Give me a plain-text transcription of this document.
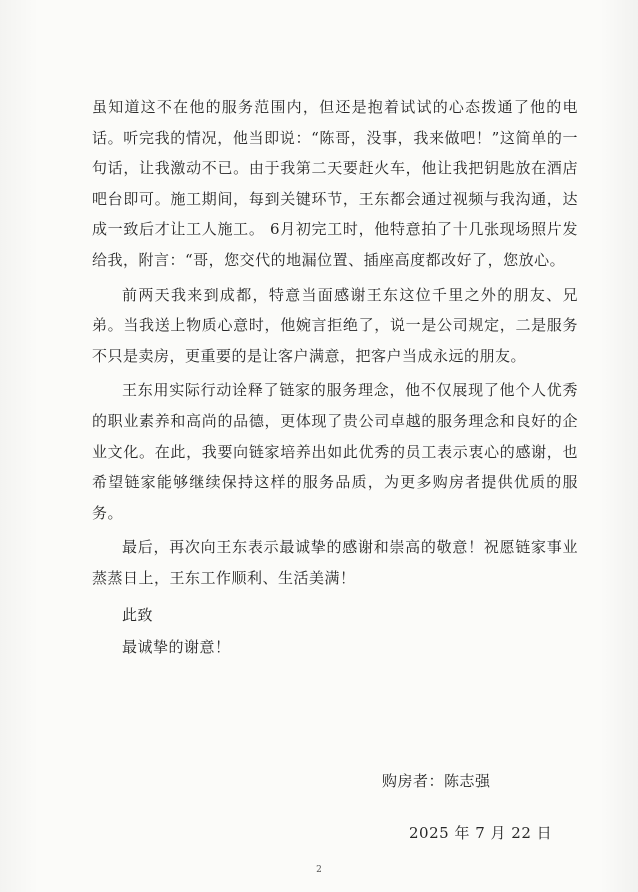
虽知道这不在他的服务范围内，但还是抱着试试的心态拨通了他的电话。听完我的情况，他当即说：“陈哥，没事，我来做吧！”这简单的一句话，让我激动不已。由于我第二天要赶火车，他让我把钥匙放在酒店吧台即可。施工期间，每到关键环节，王东都会通过视频与我沟通，达成一致后才让工人施工。 6月初完工时，他特意拍了十几张现场照片发给我，附言：“哥，您交代的地漏位置、插座高度都改好了，您放心。

前两天我来到成都，特意当面感谢王东这位千里之外的朋友、兄弟。当我送上物质心意时，他婉言拒绝了，说一是公司规定，二是服务不只是卖房，更重要的是让客户满意，把客户当成永远的朋友。

王东用实际行动诠释了链家的服务理念，他不仅展现了他个人优秀的职业素养和高尚的品德，更体现了贵公司卓越的服务理念和良好的企业文化。在此，我要向链家培养出如此优秀的员工表示衷心的感谢，也希望链家能够继续保持这样的服务品质，为更多购房者提供优质的服务。

最后，再次向王东表示最诚挚的感谢和崇高的敬意！祝愿链家事业蒸蒸日上，王东工作顺利、生活美满！

此致

最诚挚的谢意！

购房者：陈志强

2025 年 7 月 22 日

2
